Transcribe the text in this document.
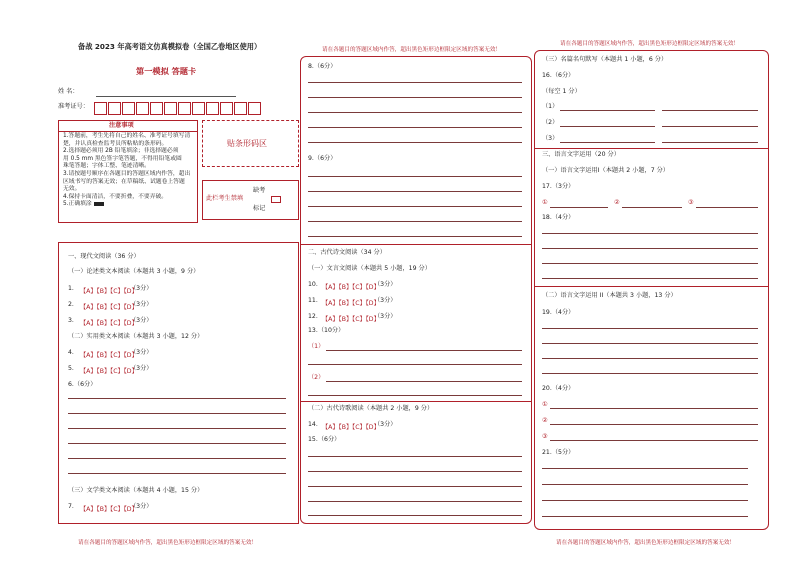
备战 2023 年高考语文仿真模拟卷（全国乙卷地区使用）
第一模拟 答题卡
姓 名：
准考证号：
注意事项
1.答题前，考生先将自己的姓名、准考证号填写清
楚，并认真检查监考员所粘贴的条形码。
2.选择题必须用 2B 铅笔填涂；非选择题必须
用 0.5 mm 黑色签字笔答题，不得用铅笔或圆
珠笔答题；字体工整、笔迹清晰。
3.请按题号顺序在各题目的答题区域内作答，超出
区域书写的答案无效；在草稿纸、试题卷上答题
无效。
4.保持卡面清洁，不要折叠，不要弄破。
5.正确填涂
贴条形码区
此栏考生禁填
缺考
标记
一、现代文阅读（36 分）
（一）论述类文本阅读（本题共 3 小题，9 分）
1. 【A】【B】【C】【D】
（3分）
2. 【A】【B】【C】【D】
（3分）
3. 【A】【B】【C】【D】
（3分）
（二）实用类文本阅读（本题共 3 小题，12 分）
4. 【A】【B】【C】【D】
（3分）
5. 【A】【B】【C】【D】
（3分）
6.（6分）
（三）文学类文本阅读（本题共 4 小题，15 分）
7. 【A】【B】【C】【D】
（3分）
请在各题目的答题区域内作答，超出黑色矩形边框限定区域的答案无效！
请在各题目的答题区域内作答，超出黑色矩形边框限定区域的答案无效！
8.（6分）
9.（6分）
二、古代诗文阅读（34 分）
（一）文言文阅读（本题共 5 小题，19 分）
10. 【A】【B】【C】【D】
（3分）
11. 【A】【B】【C】【D】
（3分）
12. 【A】【B】【C】【D】
（3分）
13.（10分）
（1）
（2）
（二）古代诗歌阅读（本题共 2 小题，9 分）
14. 【A】【B】【C】【D】
（3分）
15.（6分）
请在各题目的答题区域内作答，超出黑色矩形边框限定区域的答案无效！
（三）名篇名句默写（本题共 1 小题，6 分）
16.（6分）
（每空 1 分）
（1）
（2）
（3）
三、语言文字运用（20 分）
（一）语言文字运用Ⅰ（本题共 2 小题，7 分）
17.（3分）
①	②	③
18.（4分）
（二）语言文字运用 II（本题共 3 小题，13 分）
19.（4分）
20.（4分）
①
②
③
21.（5分）
请在各题目的答题区域内作答，超出黑色矩形边框限定区域的答案无效！
